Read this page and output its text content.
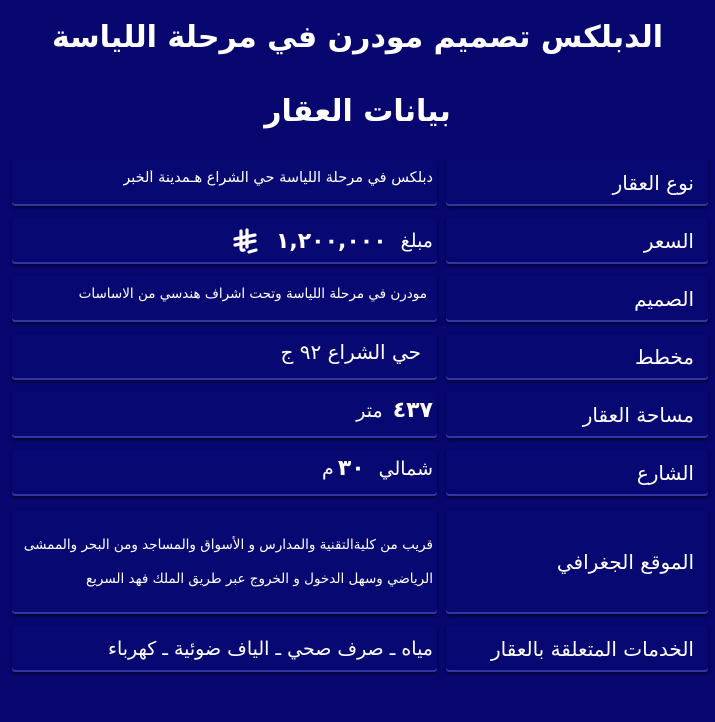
الدبلكس تصميم مودرن في مرحلة اللياسة
بيانات العقار
نوع العقار
دبلكس في مرحلة اللياسة حي الشراع هـمدينة ألخبر
السعر
مبلغ
١,٢٠٠,٠٠٠
الصميم
مودرن في مرحلة اللياسة وتحت اشراف هندسي من الاساسات
مخطط
حي الشراع ٩٢ ج
مساحة العقار
٤٣٧
متر
الشارع
شمالي
٣٠
م
الموقع الجغرافي
قريب من كليةالتقنية والمدارس و الأسواق والمساجد ومن البحر والممشى
الرياضي وسهل الدخول و الخروج عبر طريق الملك فهد السريع
الخدمات المتعلقة بالعقار
مياه ـ صرف صحي ـ الياف ضوئية ـ كهرباء
